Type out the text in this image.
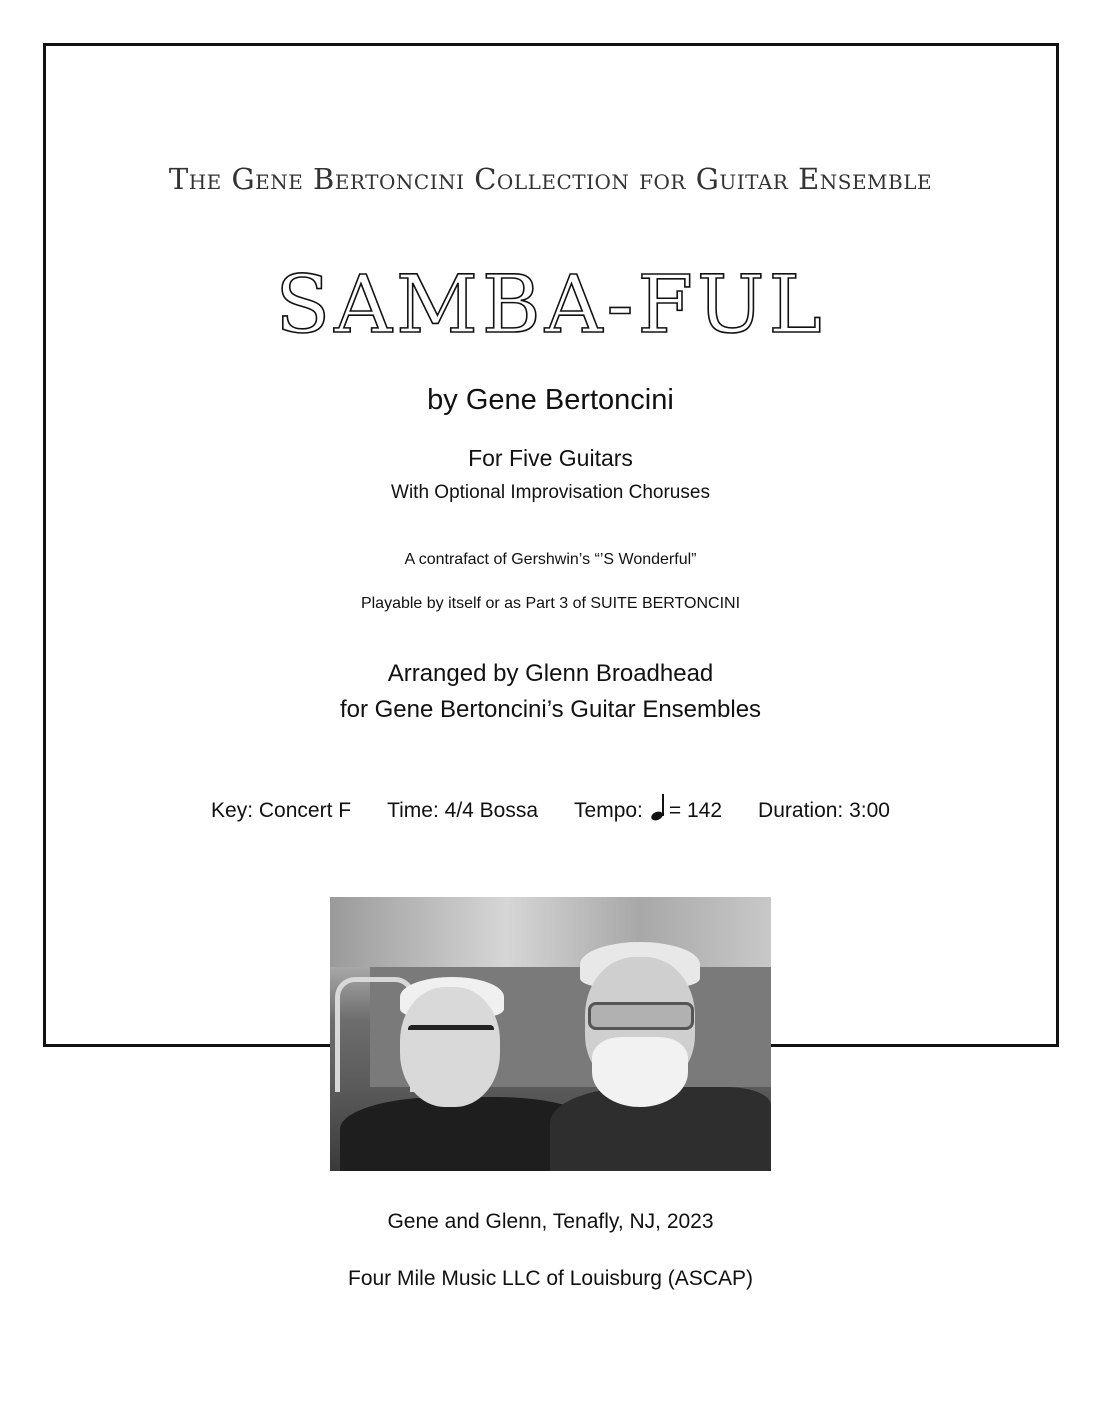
The Gene Bertoncini Collection for Guitar Ensemble
SAMBA-FUL
by Gene Bertoncini
For Five Guitars
With Optional Improvisation Choruses
A contrafact of Gershwin’s “’S Wonderful”
Playable by itself or as Part 3 of SUITE BERTONCINI
Arranged by Glenn Broadhead
for Gene Bertoncini’s Guitar Ensembles
Key: Concert F Time: 4/4 Bossa Tempo: = 142 Duration: 3:00
Gene and Glenn, Tenafly, NJ, 2023
Four Mile Music LLC of Louisburg (ASCAP)
